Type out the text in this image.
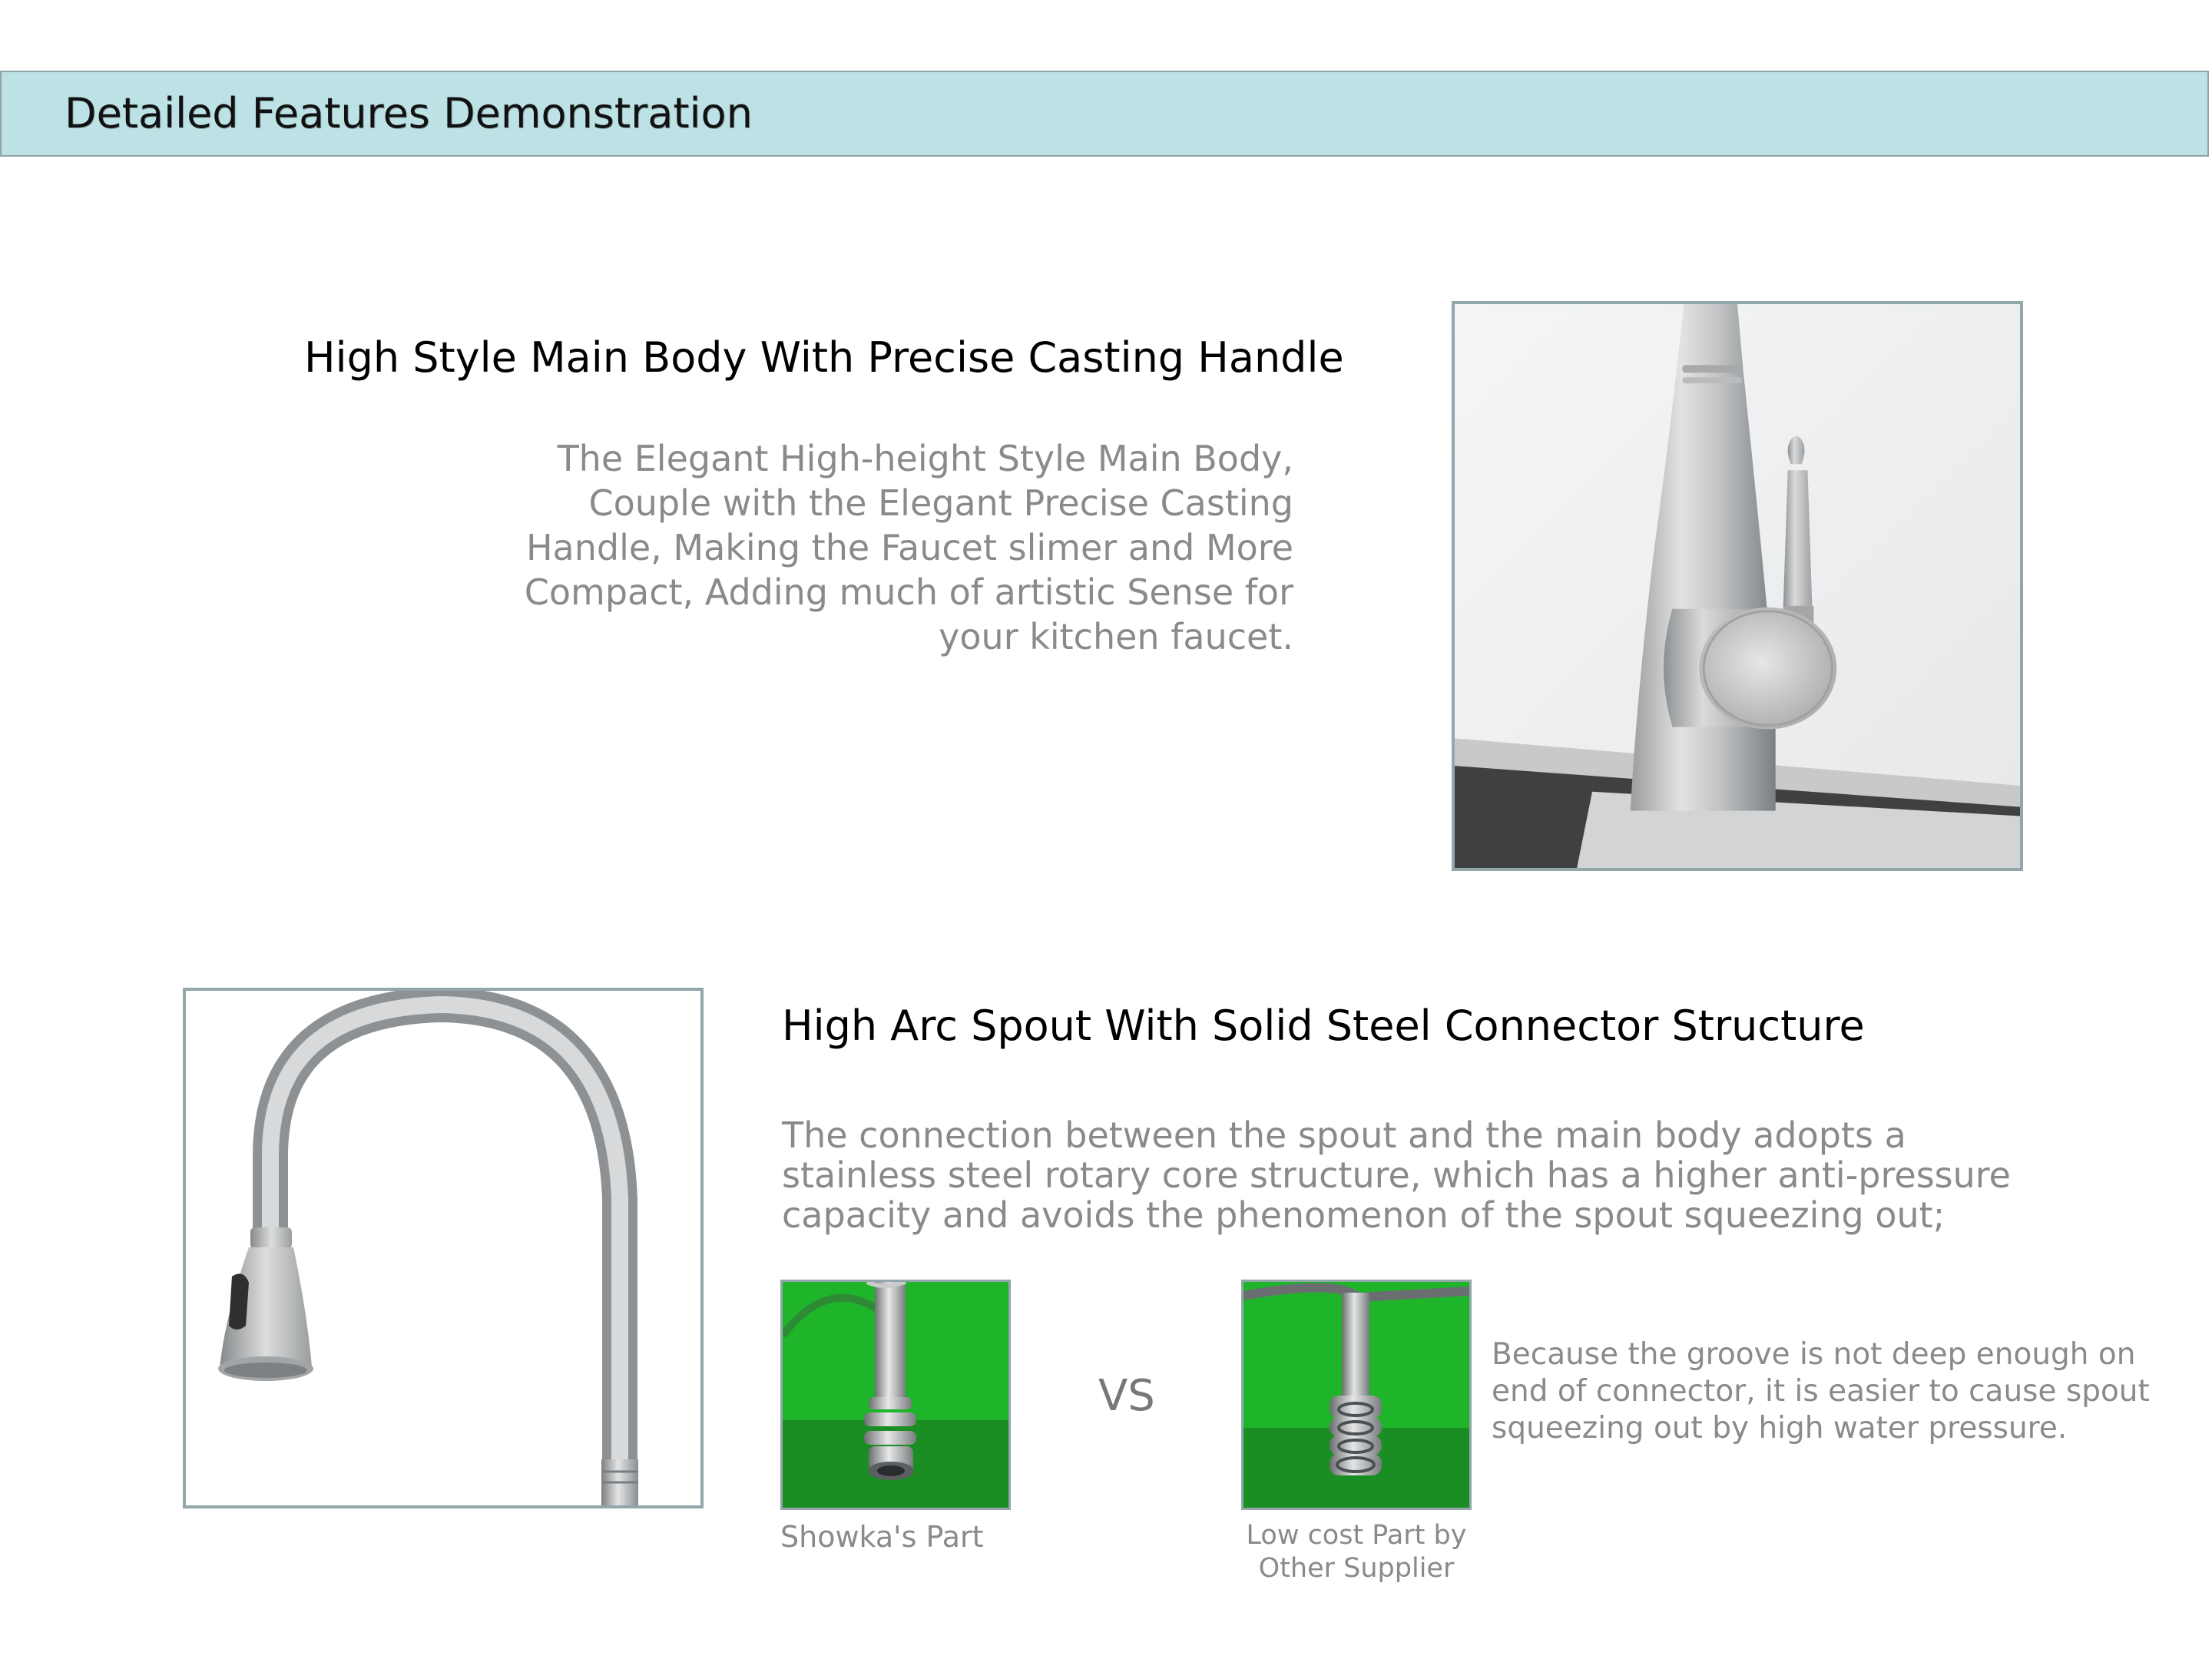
Detailed Features Demonstration
High Style Main Body With Precise Casting Handle
The Elegant High-height Style Main Body, Couple with the Elegant Precise Casting Handle, Making the Faucet slimer and More Compact, Adding much of artistic Sense for your kitchen faucet.
High Arc Spout With Solid Steel Connector Structure
The connection between the spout and the main body adopts a stainless steel rotary core structure, which has a higher anti-pressure capacity and avoids the phenomenon of the spout squeezing out;
VS
Showka's Part	Low cost Part by
Other Supplier
Because the groove is not deep enough on end of connector, it is easier to cause spout squeezing out by high water pressure.
